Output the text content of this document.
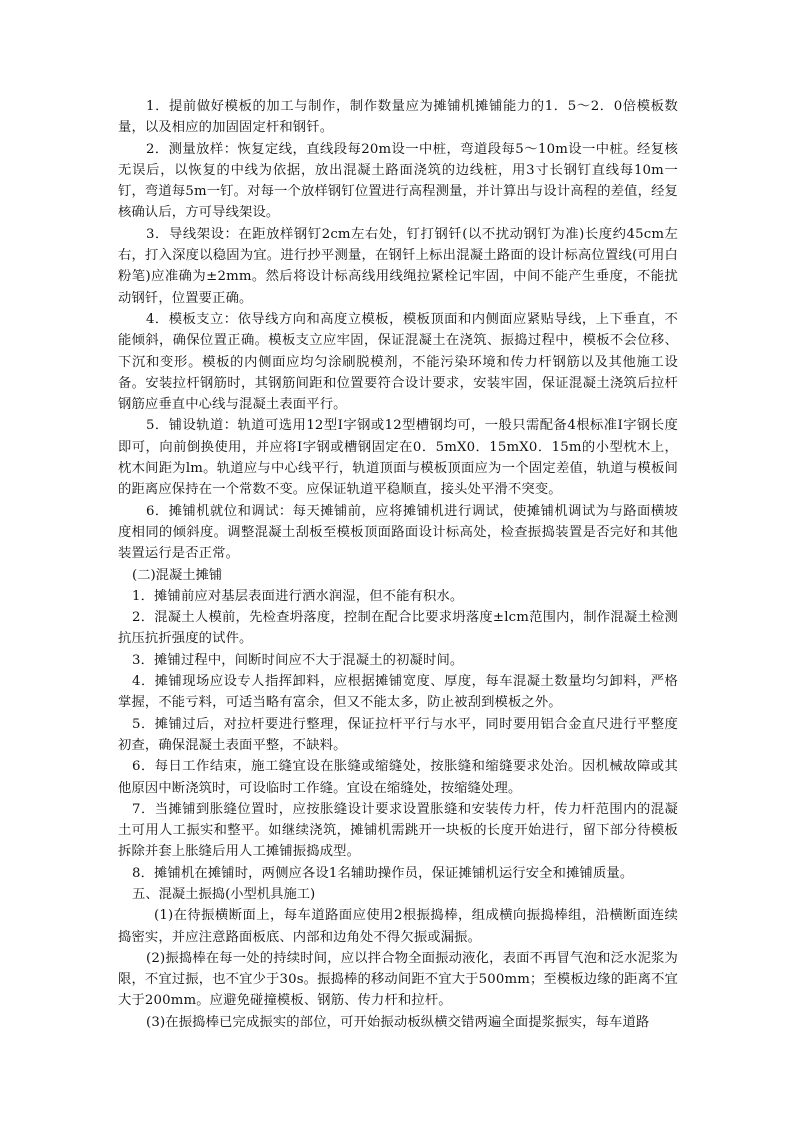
1．提前做好模板的加工与制作，制作数量应为摊铺机摊铺能力的1．5～2．0倍模板数量，以及相应的加固固定杆和钢钎。

2．测量放样：恢复定线，直线段每20m设一中桩，弯道段每5～10m设一中桩。经复核无误后，以恢复的中线为依据，放出混凝土路面浇筑的边线桩，用3寸长钢钉直线每10m一钉，弯道每5m一钉。对每一个放样钢钉位置进行高程测量，并计算出与设计高程的差值，经复核确认后，方可导线架设。

3．导线架设：在距放样钢钉2cm左右处，钉打钢钎(以不扰动钢钉为准)长度约45cm左右，打入深度以稳固为宜。进行抄平测量，在钢钎上标出混凝土路面的设计标高位置线(可用白粉笔)应准确为±2mm。然后将设计标高线用线绳拉紧栓记牢固，中间不能产生垂度，不能扰动钢钎，位置要正确。

4．模板支立：依导线方向和高度立模板，模板顶面和内侧面应紧贴导线，上下垂直，不能倾斜，确保位置正确。模板支立应牢固，保证混凝土在浇筑、振捣过程中，模板不会位移、下沉和变形。模板的内侧面应均匀涂刷脱模剂，不能污染环境和传力杆钢筋以及其他施工设备。安装拉杆钢筋时，其钢筋间距和位置要符合设计要求，安装牢固，保证混凝土浇筑后拉杆钢筋应垂直中心线与混凝土表面平行。

5．铺设轨道：轨道可选用12型Ⅰ字钢或12型槽钢均可，一般只需配备4根标准Ⅰ字钢长度即可，向前倒换使用，并应将Ⅰ字钢或槽钢固定在0．5mX0．15mX0．15m的小型枕木上，枕木间距为lm。轨道应与中心线平行，轨道顶面与模板顶面应为一个固定差值，轨道与模板间的距离应保持在一个常数不变。应保证轨道平稳顺直，接头处平滑不突变。

6．摊铺机就位和调试：每天摊铺前，应将摊铺机进行调试，使摊铺机调试为与路面横坡度相同的倾斜度。调整混凝土刮板至模板顶面路面设计标高处，检查振捣装置是否完好和其他装置运行是否正常。

(二)混凝土摊铺

1．摊铺前应对基层表面进行洒水润湿，但不能有积水。

2．混凝土人模前，先检查坍落度，控制在配合比要求坍落度±lcm范围内，制作混凝土检测抗压抗折强度的试件。

3．摊铺过程中，间断时间应不大于混凝土的初凝时间。

4．摊铺现场应设专人指挥卸料，应根据摊铺宽度、厚度，每车混凝土数量均匀卸料，严格掌握，不能亏料，可适当略有富余，但又不能太多，防止被刮到模板之外。

5．摊铺过后，对拉杆要进行整理，保证拉杆平行与水平，同时要用铝合金直尺进行平整度初查，确保混凝土表面平整，不缺料。

6．每日工作结束，施工缝宜设在胀缝或缩缝处，按胀缝和缩缝要求处治。因机械故障或其他原因中断浇筑时，可设临时工作缝。宜设在缩缝处，按缩缝处理。

7．当摊铺到胀缝位置时，应按胀缝设计要求设置胀缝和安装传力杆，传力杆范围内的混凝土可用人工振实和整平。如继续浇筑，摊铺机需跳开一块板的长度开始进行，留下部分待模板拆除并套上胀缝后用人工摊铺振捣成型。

8．摊铺机在摊铺时，两侧应各设1名辅助操作员，保证摊铺机运行安全和摊铺质量。

五、混凝土振捣(小型机具施工)

(1)在待振横断面上，每车道路面应使用2根振捣棒，组成横向振捣棒组，沿横断面连续捣密实，并应注意路面板底、内部和边角处不得欠振或漏振。

(2)振捣棒在每一处的持续时间，应以拌合物全面振动液化，表面不再冒气泡和泛水泥浆为限，不宜过振，也不宜少于30s。振捣棒的移动间距不宜大于500mm；至模板边缘的距离不宜大于200mm。应避免碰撞模板、钢筋、传力杆和拉杆。

(3)在振捣棒已完成振实的部位，可开始振动板纵横交错两遍全面提浆振实，每车道路
